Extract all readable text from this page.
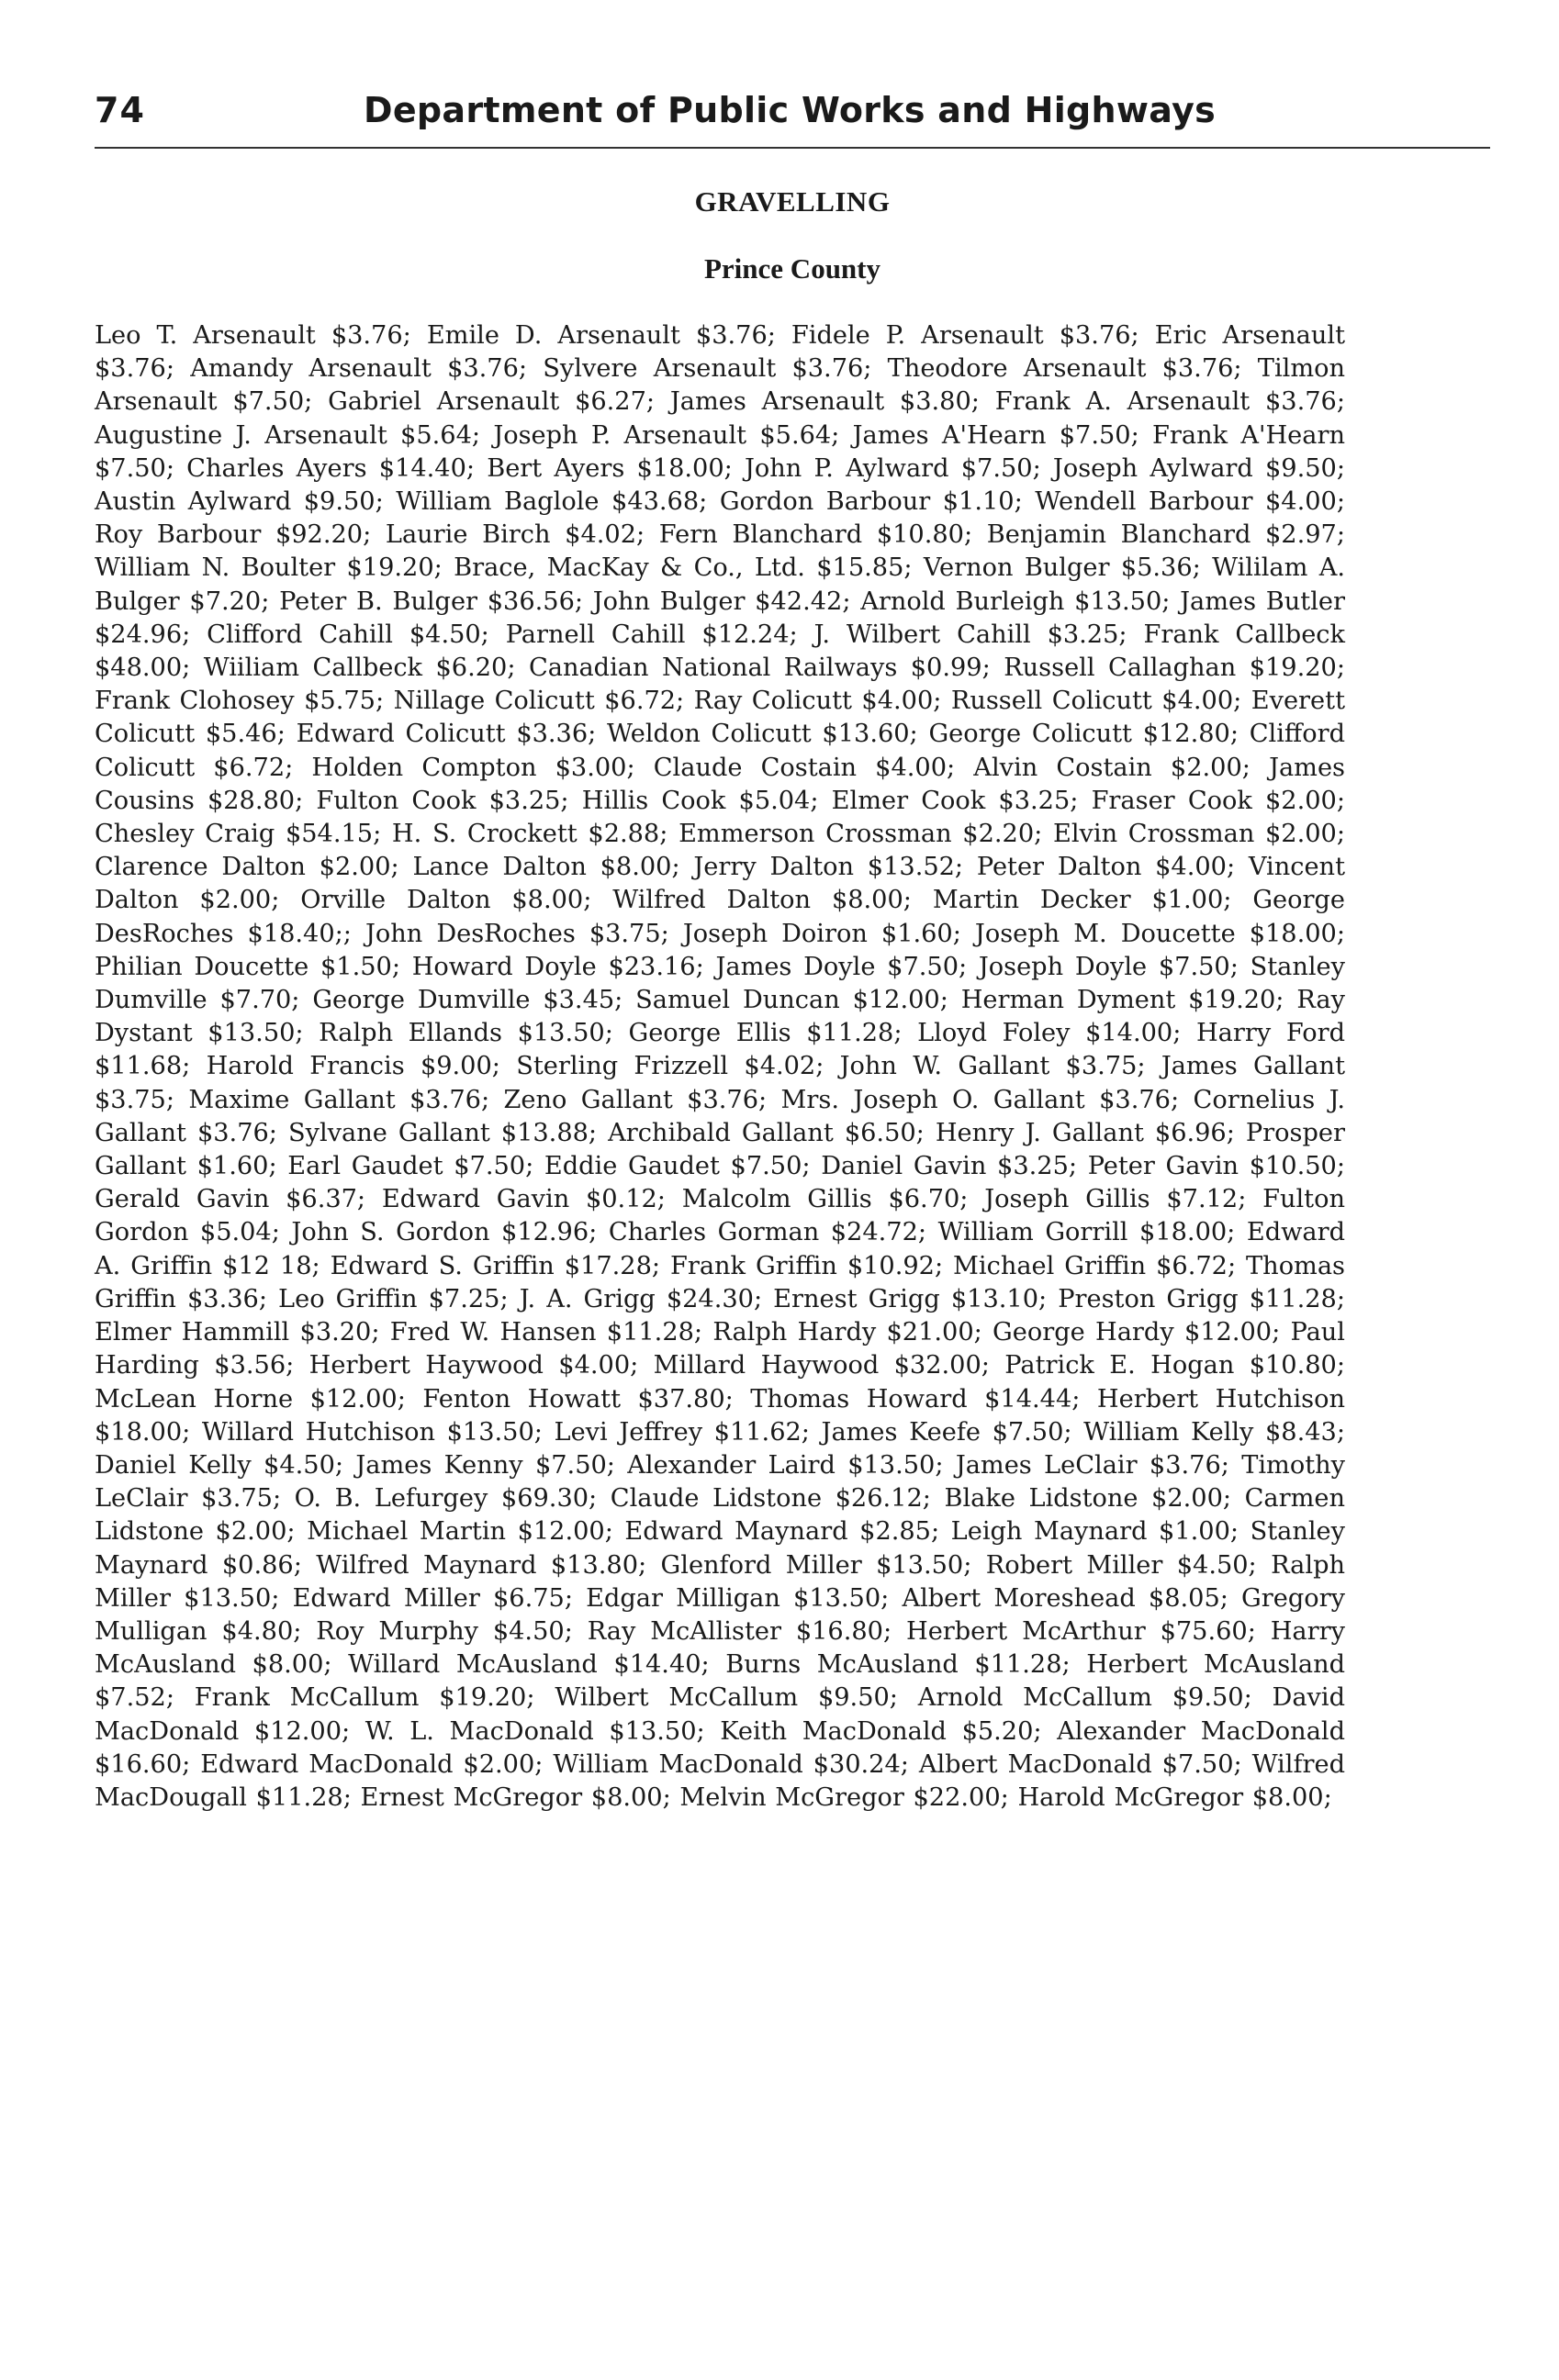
74	Department of Public Works and Highways
GRAVELLING
Prince County
Leo T. Arsenault $3.76; Emile D. Arsenault $3.76; Fidele P. Arsenault $3.76; Eric Arsenault $3.76; Amandy Arsenault $3.76; Sylvere Arsenault $3.76; Theodore Arsenault $3.76; Tilmon Arsenault $7.50; Gabriel Arsenault $6.27; James Arsenault $3.80; Frank A. Arsenault $3.76; Augustine J. Arsenault $5.64; Joseph P. Arsenault $5.64; James A'Hearn $7.50; Frank A'Hearn $7.50; Charles Ayers $14.40; Bert Ayers $18.00; John P. Aylward $7.50; Joseph Aylward $9.50; Austin Aylward $9.50; William Baglole $43.68; Gordon Barbour $1.10; Wendell Barbour $4.00; Roy Barbour $92.20; Laurie Birch $4.02; Fern Blanchard $10.80; Benjamin Blanchard $2.97; William N. Boulter $19.20; Brace, MacKay & Co., Ltd. $15.85; Vernon Bulger $5.36; Wililam A. Bulger $7.20; Peter B. Bulger $36.56; John Bulger $42.42; Arnold Burleigh $13.50; James Butler $24.96; Clifford Cahill $4.50; Parnell Cahill $12.24; J. Wilbert Cahill $3.25; Frank Callbeck $48.00; Wiiliam Callbeck $6.20; Canadian National Railways $0.99; Russell Callaghan $19.20; Frank Clohosey $5.75; Nillage Colicutt $6.72; Ray Colicutt $4.00; Russell Colicutt $4.00; Everett Colicutt $5.46; Edward Colicutt $3.36; Weldon Colicutt $13.60; George Colicutt $12.80; Clifford Colicutt $6.72; Holden Compton $3.00; Claude Costain $4.00; Alvin Costain $2.00; James Cousins $28.80; Fulton Cook $3.25; Hillis Cook $5.04; Elmer Cook $3.25; Fraser Cook $2.00; Chesley Craig $54.15; H. S. Crockett $2.88; Emmerson Crossman $2.20; Elvin Crossman $2.00; Clarence Dalton $2.00; Lance Dalton $8.00; Jerry Dalton $13.52; Peter Dalton $4.00; Vincent Dalton $2.00; Orville Dalton $8.00; Wilfred Dalton $8.00; Martin Decker $1.00; George DesRoches $18.40;; John DesRoches $3.75; Joseph Doiron $1.60; Joseph M. Doucette $18.00; Philian Doucette $1.50; Howard Doyle $23.16; James Doyle $7.50; Joseph Doyle $7.50; Stanley Dumville $7.70; George Dumville $3.45; Samuel Duncan $12.00; Herman Dyment $19.20; Ray Dystant $13.50; Ralph Ellands $13.50; George Ellis $11.28; Lloyd Foley $14.00; Harry Ford $11.68; Harold Francis $9.00; Sterling Frizzell $4.02; John W. Gallant $3.75; James Gallant $3.75; Maxime Gallant $3.76; Zeno Gallant $3.76; Mrs. Joseph O. Gallant $3.76; Cornelius J. Gallant $3.76; Sylvane Gallant $13.88; Archibald Gallant $6.50; Henry J. Gallant $6.96; Prosper Gallant $1.60; Earl Gaudet $7.50; Eddie Gaudet $7.50; Daniel Gavin $3.25; Peter Gavin $10.50; Gerald Gavin $6.37; Edward Gavin $0.12; Malcolm Gillis $6.70; Joseph Gillis $7.12; Fulton Gordon $5.04; John S. Gordon $12.96; Charles Gorman $24.72; William Gorrill $18.00; Edward A. Griffin $12 18; Edward S. Griffin $17.28; Frank Griffin $10.92; Michael Griffin $6.72; Thomas Griffin $3.36; Leo Griffin $7.25; J. A. Grigg $24.30; Ernest Grigg $13.10; Preston Grigg $11.28; Elmer Hammill $3.20; Fred W. Hansen $11.28; Ralph Hardy $21.00; George Hardy $12.00; Paul Harding $3.56; Herbert Haywood $4.00; Millard Haywood $32.00; Patrick E. Hogan $10.80; McLean Horne $12.00; Fenton Howatt $37.80; Thomas Howard $14.44; Herbert Hutchison $18.00; Willard Hutchison $13.50; Levi Jeffrey $11.62; James Keefe $7.50; William Kelly $8.43; Daniel Kelly $4.50; James Kenny $7.50; Alexander Laird $13.50; James LeClair $3.76; Timothy LeClair $3.75; O. B. Lefurgey $69.30; Claude Lidstone $26.12; Blake Lidstone $2.00; Carmen Lidstone $2.00; Michael Martin $12.00; Edward Maynard $2.85; Leigh Maynard $1.00; Stanley Maynard $0.86; Wilfred Maynard $13.80; Glenford Miller $13.50; Robert Miller $4.50; Ralph Miller $13.50; Edward Miller $6.75; Edgar Milligan $13.50; Albert Moreshead $8.05; Gregory Mulligan $4.80; Roy Murphy $4.50; Ray McAllister $16.80; Herbert McArthur $75.60; Harry McAusland $8.00; Willard McAusland $14.40; Burns McAusland $11.28; Herbert McAusland $7.52; Frank McCallum $19.20; Wilbert McCallum $9.50; Arnold McCallum $9.50; David MacDonald $12.00; W. L. MacDonald $13.50; Keith MacDonald $5.20; Alexander MacDonald $16.60; Edward MacDonald $2.00; William MacDonald $30.24; Albert MacDonald $7.50; Wilfred MacDougall $11.28; Ernest McGregor $8.00; Melvin McGregor $22.00; Harold McGregor $8.00;
